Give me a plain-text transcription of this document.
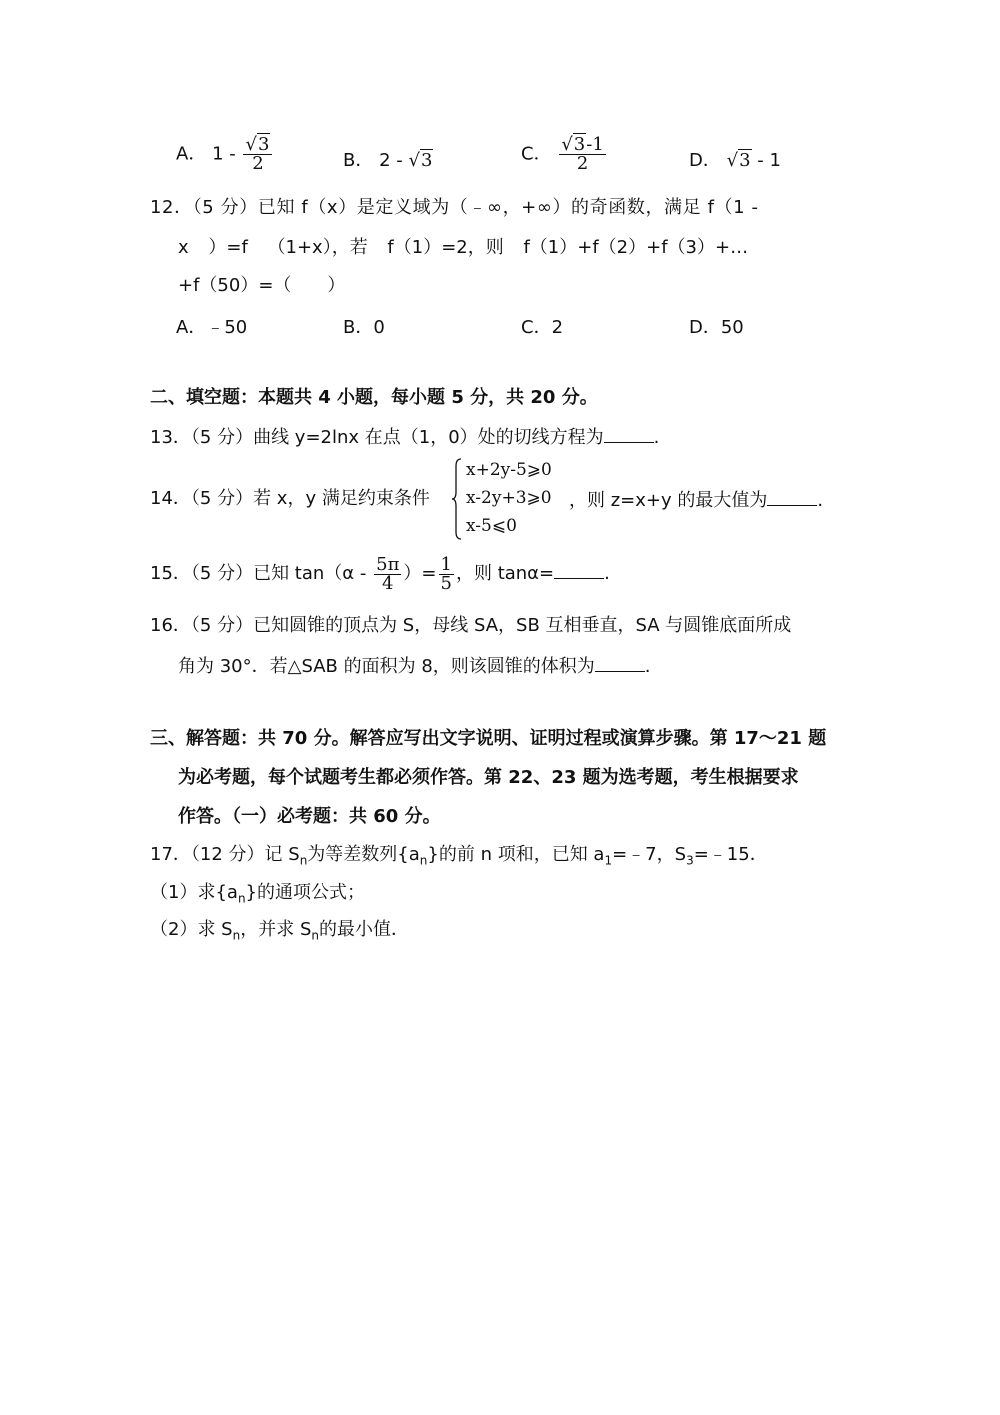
A． $1 - \frac{√3}{2}$	B． 2 - √3	C． $\frac{√3-1}{2}$	D． √3 - 1
12．（5 分）已知 f（x）是定义域为（﹣∞，+∞）的奇函数，满足 f（1 -
x ）=f （1+x），若 f（1）=2，则 f（1）+f（2）+f（3）+…
+f（50）=（　　）
A．﹣50	B．0	C．2	D．50
二、填空题：本题共 4 小题，每小题 5 分，共 20 分。
13．（5 分）曲线 y=2lnx 在点（1，0）处的切线方程为	.
14．（5 分）若 x，y 满足约束条件
x+2y-5⩾0
x-2y+3⩾0
x-5⩽0
，则 z=x+y 的最大值为	.
15．（5 分）已知 $\tan(\alpha - \frac{5\pi}{4}$ ）= $\frac{1}{5}$ ，则 tanα=	.
16．（5 分）已知圆锥的顶点为 S，母线 SA，SB 互相垂直，SA 与圆锥底面所成
角为 30°．若△SAB 的面积为 8，则该圆锥的体积为	.
三、解答题：共 70 分。解答应写出文字说明、证明过程或演算步骤。第 17～21 题
为必考题，每个试题考生都必须作答。第 22、23 题为选考题，考生根据要求
作答。（一）必考题：共 60 分。
17．（12 分）记 $S_n$为等差数列$\{a_n\}$的前 n 项和，已知 $a_1=﹣7$，$S_3=﹣15$．
（1）求$\{a_n\}$的通项公式；
（2）求 $S_n$，并求 $S_n$的最小值．
